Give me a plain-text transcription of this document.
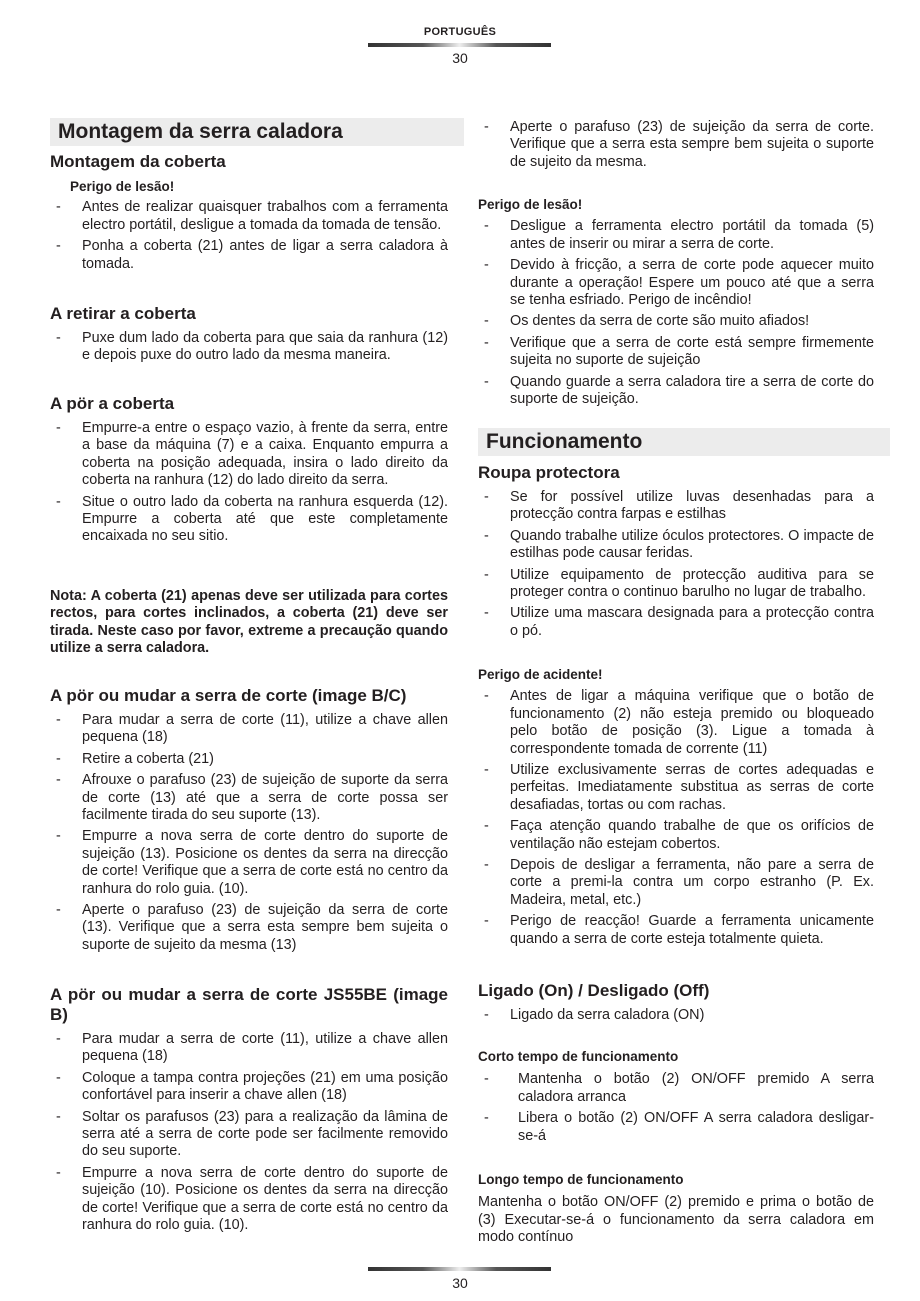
PORTUGUÊS
30
Montagem da serra caladora
Montagem da coberta
Perigo de lesão!
- Antes de realizar quaisquer trabalhos com a ferramenta electro portátil, desligue a tomada da tomada de tensão.
- Ponha a coberta (21) antes de ligar a serra caladora à tomada.
A retirar a coberta
- Puxe dum lado da coberta para que saia da ranhura (12) e depois puxe do outro lado da mesma maneira.
A pör a coberta
- Empurre-a entre o espaço vazio, à frente da serra, entre a base da máquina (7) e a caixa. Enquanto empurra a coberta na posição adequada, insira o lado direito da coberta na ranhura (12) do lado direito da serra.
- Situe o outro lado da coberta na ranhura esquerda (12). Empurre a coberta até que este completamente encaixada no seu sitio.
Nota: A coberta (21) apenas deve ser utilizada para cortes rectos, para cortes inclinados, a coberta (21) deve ser tirada. Neste caso por favor, extreme a precaução quando utilize a serra caladora.
A pör ou mudar a serra de corte (image B/C)
- Para mudar a serra de corte (11), utilize a chave allen pequena (18)
- Retire a coberta (21)
- Afrouxe o parafuso (23) de sujeição de suporte da serra de corte (13) até que a serra de corte possa ser facilmente tirada do seu suporte (13).
- Empurre a nova serra de corte dentro do suporte de sujeição (13). Posicione os dentes da serra na direcção de corte! Verifique que a serra de corte está no centro da ranhura do rolo guia. (10).
- Aperte o parafuso (23) de sujeição da serra de corte (13). Verifique que a serra esta sempre bem sujeita o suporte de sujeito da mesma (13)
A pör ou mudar a serra de corte JS55BE (image B)
- Para mudar a serra de corte (11), utilize a chave allen pequena (18)
- Coloque a tampa contra projeções (21) em uma posição confortável para inserir a chave allen (18)
- Soltar os parafusos (23) para a realização da lâmina de serra até a serra de corte pode ser facilmente removido do seu suporte.
- Empurre a nova serra de corte dentro do suporte de sujeição (10). Posicione os dentes da serra na direcção de corte! Verifique que a serra de corte está no centro da ranhura do rolo guia. (10).
- Aperte o parafuso (23) de sujeição da serra de corte. Verifique que a serra esta sempre bem sujeita o suporte de sujeito da mesma.
Perigo de lesão!
- Desligue a ferramenta electro portátil da tomada (5) antes de inserir ou mirar a serra de corte.
- Devido à fricção, a serra de corte pode aquecer muito durante a operação! Espere um pouco até que a serra se tenha esfriado. Perigo de incêndio!
- Os dentes da serra de corte são muito afiados!
- Verifique que a serra de corte está sempre firmemente sujeita no suporte de sujeição
- Quando guarde a serra caladora tire a serra de corte do suporte de sujeição.
Funcionamento
Roupa protectora
- Se for possível utilize luvas desenhadas para a protecção contra farpas e estilhas
- Quando trabalhe utilize óculos protectores. O impacte de estilhas pode causar feridas.
- Utilize equipamento de protecção auditiva para se proteger contra o continuo barulho no lugar de trabalho.
- Utilize uma mascara designada para a protecção contra o pó.
Perigo de acidente!
- Antes de ligar a máquina verifique que o botão de funcionamento (2) não esteja premido ou bloqueado pelo botão de posição (3). Ligue a tomada à correspondente tomada de corrente (11)
- Utilize exclusivamente serras de cortes adequadas e perfeitas. Imediatamente substitua as serras de corte desafiadas, tortas ou com rachas.
- Faça atenção quando trabalhe de que os orifícios de ventilação não estejam cobertos.
- Depois de desligar a ferramenta, não pare a serra de corte a premi-la contra um corpo estranho (P. Ex. Madeira, metal, etc.)
- Perigo de reacção! Guarde a ferramenta unicamente quando a serra de corte esteja totalmente quieta.
Ligado (On) / Desligado (Off)
- Ligado da serra caladora (ON)
Corto tempo de funcionamento
- Mantenha o botão (2) ON/OFF premido A serra caladora arranca
- Libera o botão (2) ON/OFF A serra caladora desligar-se-á
Longo tempo de funcionamento
Mantenha o botão ON/OFF (2) premido e prima o botão de (3) Executar-se-á o funcionamento da serra caladora em modo contínuo
30
